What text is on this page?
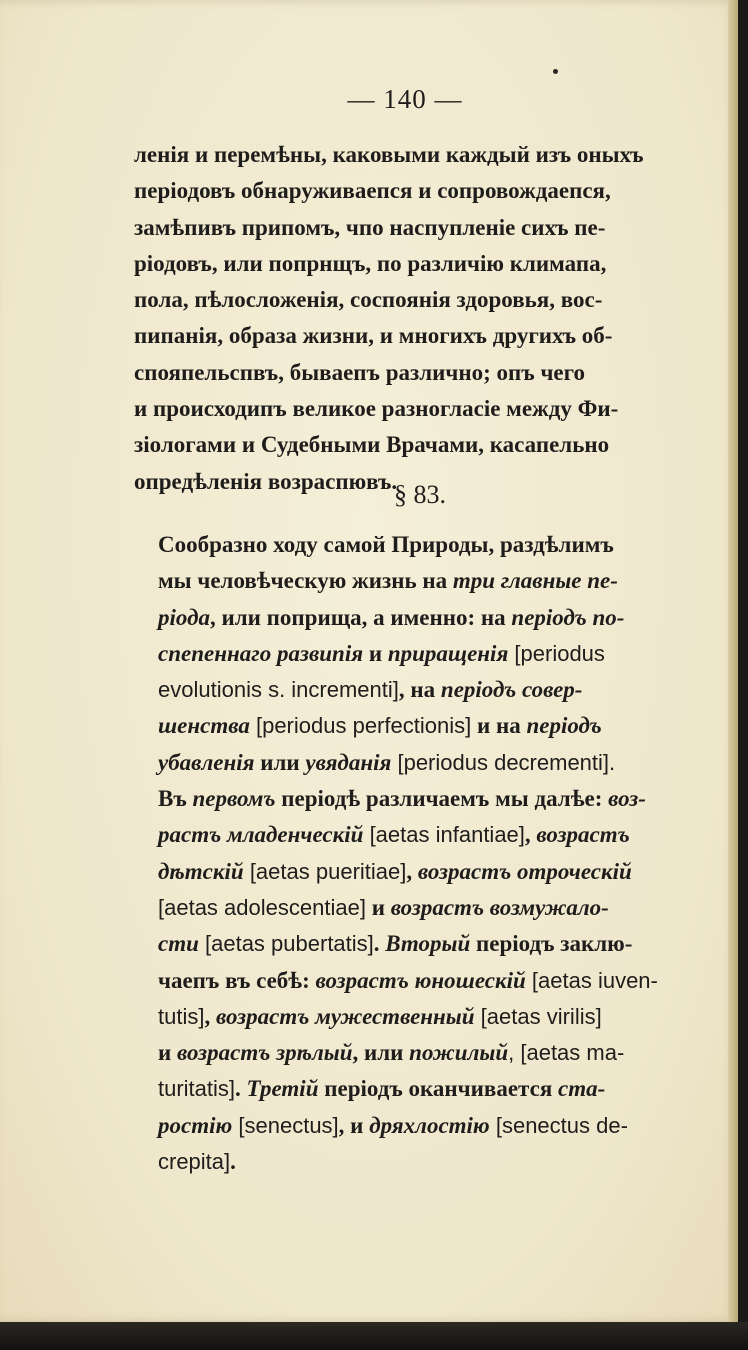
— 140 —
ленія и перемѣны, каковыми каждый изъ оныхъ
періодовъ обнаруживаепся и сопровождаепся,
замѣпивъ припомъ, чпо наспупленіе сихъ пе-
ріодовъ, или попрнщъ, по различію климапа,
пола, пѣлосложенія, соспоянія здоровья, вос-
пипанія, образа жизни, и многихъ другихъ об-
спояпельспвъ, бываепъ различно; опъ чего
и происходипъ великое разногласіе между Фи-
зіологами и Судебными Врачами, касапельно
опредѣленія возраспювъ.
§ 83.
Сообразно ходу самой Природы, раздѣлимъ
мы человѣческую жизнь на три главные пе-
ріода, или поприща, а именно: на періодъ по-
спепеннаго развипія и приращенія [periodus
evolutionis s. incrementi], на періодъ совер-
шенства [periodus perfectionis] и на періодъ
убавленія или увяданія [periodus decrementi].
Въ первомъ періодѣ различаемъ мы далѣе: воз-
растъ младенческій [aetas infantiae], возрастъ
дѣтскій [aetas pueritiae], возрастъ отроческій
[aetas adolescentiae] и возрастъ возмужало-
сти [aetas pubertatis]. Вторый періодъ заклю-
чаепъ въ себѣ: возрастъ юношескій [aetas iuven-
tutis], возрастъ мужественный [aetas virilis]
и возрастъ зрѣлый, или пожилый, [aetas ma-
turitatis]. Третій періодъ оканчивается ста-
ростію [senectus], и дряхлостію [senectus de-
crepita].
